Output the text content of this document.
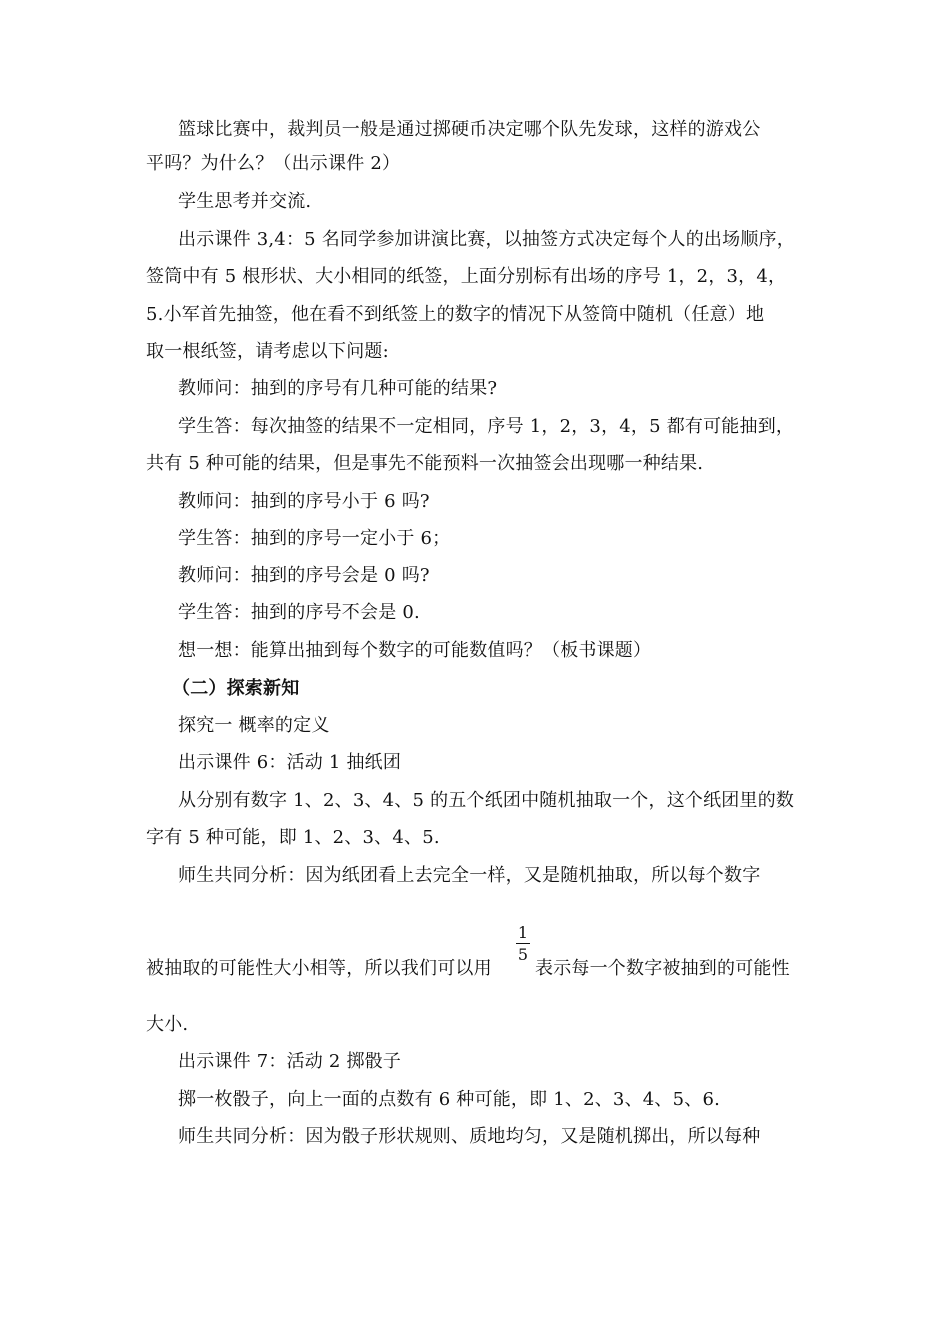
篮球比赛中，裁判员一般是通过掷硬币决定哪个队先发球，这样的游戏公
平吗？为什么？（出示课件 2）
学生思考并交流.
出示课件 3,4：5 名同学参加讲演比赛，以抽签方式决定每个人的出场顺序，
签筒中有 5 根形状、大小相同的纸签，上面分别标有出场的序号 1，2，3，4，
5.小军首先抽签，他在看不到纸签上的数字的情况下从签筒中随机（任意）地
取一根纸签，请考虑以下问题:
教师问：抽到的序号有几种可能的结果?
学生答：每次抽签的结果不一定相同，序号 1，2，3，4，5 都有可能抽到，
共有 5 种可能的结果，但是事先不能预料一次抽签会出现哪一种结果.
教师问：抽到的序号小于 6 吗?
学生答：抽到的序号一定小于 6；
教师问：抽到的序号会是 0 吗?
学生答：抽到的序号不会是 0.
想一想：能算出抽到每个数字的可能数值吗？（板书课题）
（二）探索新知
探究一 概率的定义
出示课件 6：活动 1 抽纸团
从分别有数字 1、2、3、4、5 的五个纸团中随机抽取一个，这个纸团里的数
字有 5 种可能，即 1、2、3、4、5.
师生共同分析：因为纸团看上去完全一样，又是随机抽取，所以每个数字
被抽取的可能性大小相等，所以我们可以用
1
5
表示每一个数字被抽到的可能性
大小.
出示课件 7：活动 2 掷骰子
掷一枚骰子，向上一面的点数有 6 种可能，即 1、2、3、4、5、6.
师生共同分析：因为骰子形状规则、质地均匀，又是随机掷出，所以每种
